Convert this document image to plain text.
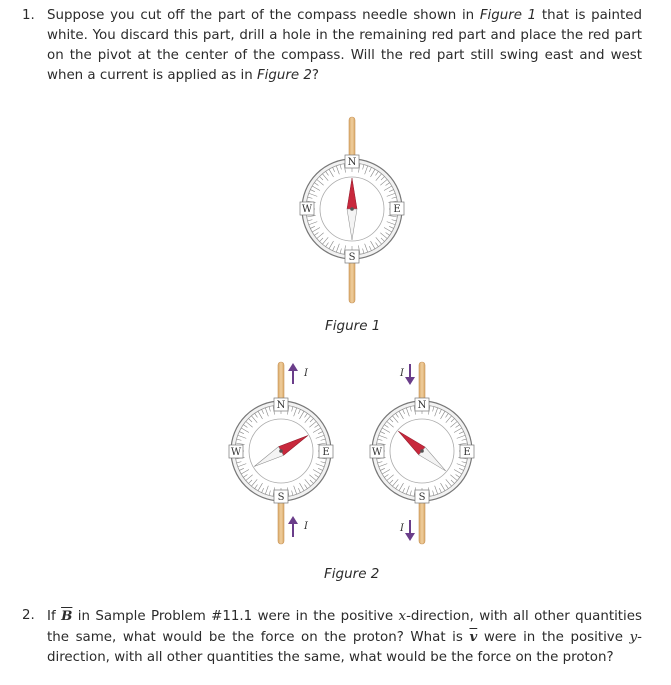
1. Suppose you cut off the part of the compass needle shown in Figure 1 that is painted white. You discard this part, drill a hole in the remaining red part and place the red part on the pivot at the center of the compass. Will the red part still swing east and west when a current is applied as in Figure 2?
N
S
W	E
N
S
W	E
I
I
N
S
W	E
I
I
Figure 1
Figure 2
2. If $\overline{B}$ in Sample Problem #11.1 were in the positive x-direction, with all other quantities the same, what would be the force on the proton? What is $\overline{v}$ were in the positive y-direction, with all other quantities the same, what would be the force on the proton?
